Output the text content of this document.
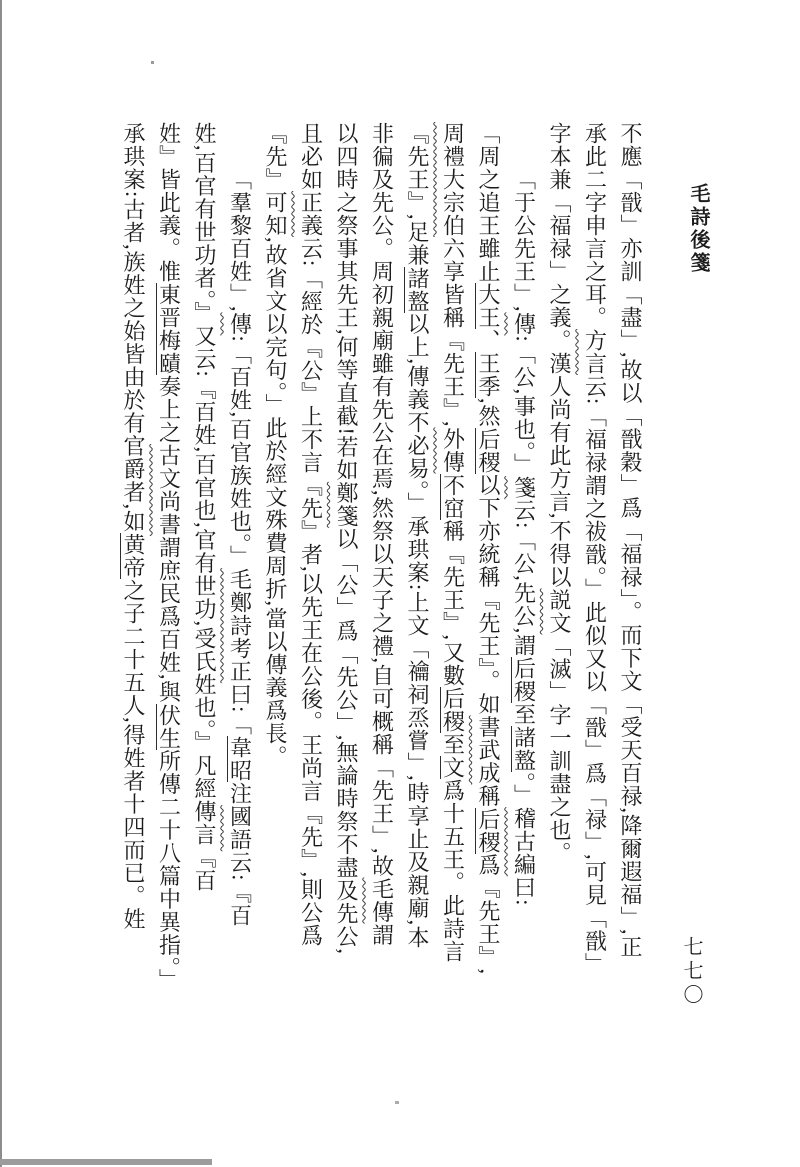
毛詩後箋
七七〇
不應「戩」亦訓「盡」,故以「戩穀」爲「福禄」。而下文「受天百禄,降爾遐福」,正
承此二字申言之耳。方言云:「福禄謂之祓戩。」此似又以「戩」爲「禄」,可見「戩」
字本兼「福禄」之義。漢人尚有此方言,不得以説文「滅」字一訓盡之也。
「于公先王」,傳:「公,事也。」箋云:「公,先公,謂后稷至諸盩。」稽古編曰:
「周之追王雖止大王、王季,然后稷以下亦統稱『先王』。如書武成稱后稷爲『先王』,
周禮大宗伯六享皆稱『先王』,外傳不窋稱『先王』,又數后稷至文爲十五王。此詩言
『先王』,足兼諸盩以上,傳義不必易。」承珙案:上文「禴祠烝嘗」,時享止及親廟,本
非徧及先公。周初親廟雖有先公在焉,然祭以天子之禮,自可概稱「先王」,故毛傳謂
以四時之祭事其先王,何等直截!若如鄭箋以「公」爲「先公」,無論時祭不盡及先公,
且必如正義云:「經於『公』上不言『先』者,以先王在公後。王尚言『先』,則公爲
『先』可知,故省文以完句。」此於經文殊費周折,當以傳義爲長。
「羣黎百姓」,傳:「百姓,百官族姓也。」毛鄭詩考正曰:「韋昭注國語云:『百
姓,百官有世功者。』又云:『百姓,百官也,官有世功,受氏姓也。』凡經傳言『百
姓』皆此義。惟東晋梅賾奏上之古文尚書謂庶民爲百姓,與伏生所傳二十八篇中異指。」
承珙案:古者,族姓之始皆由於有官爵者,如黄帝之子二十五人,得姓者十四而已。姓
